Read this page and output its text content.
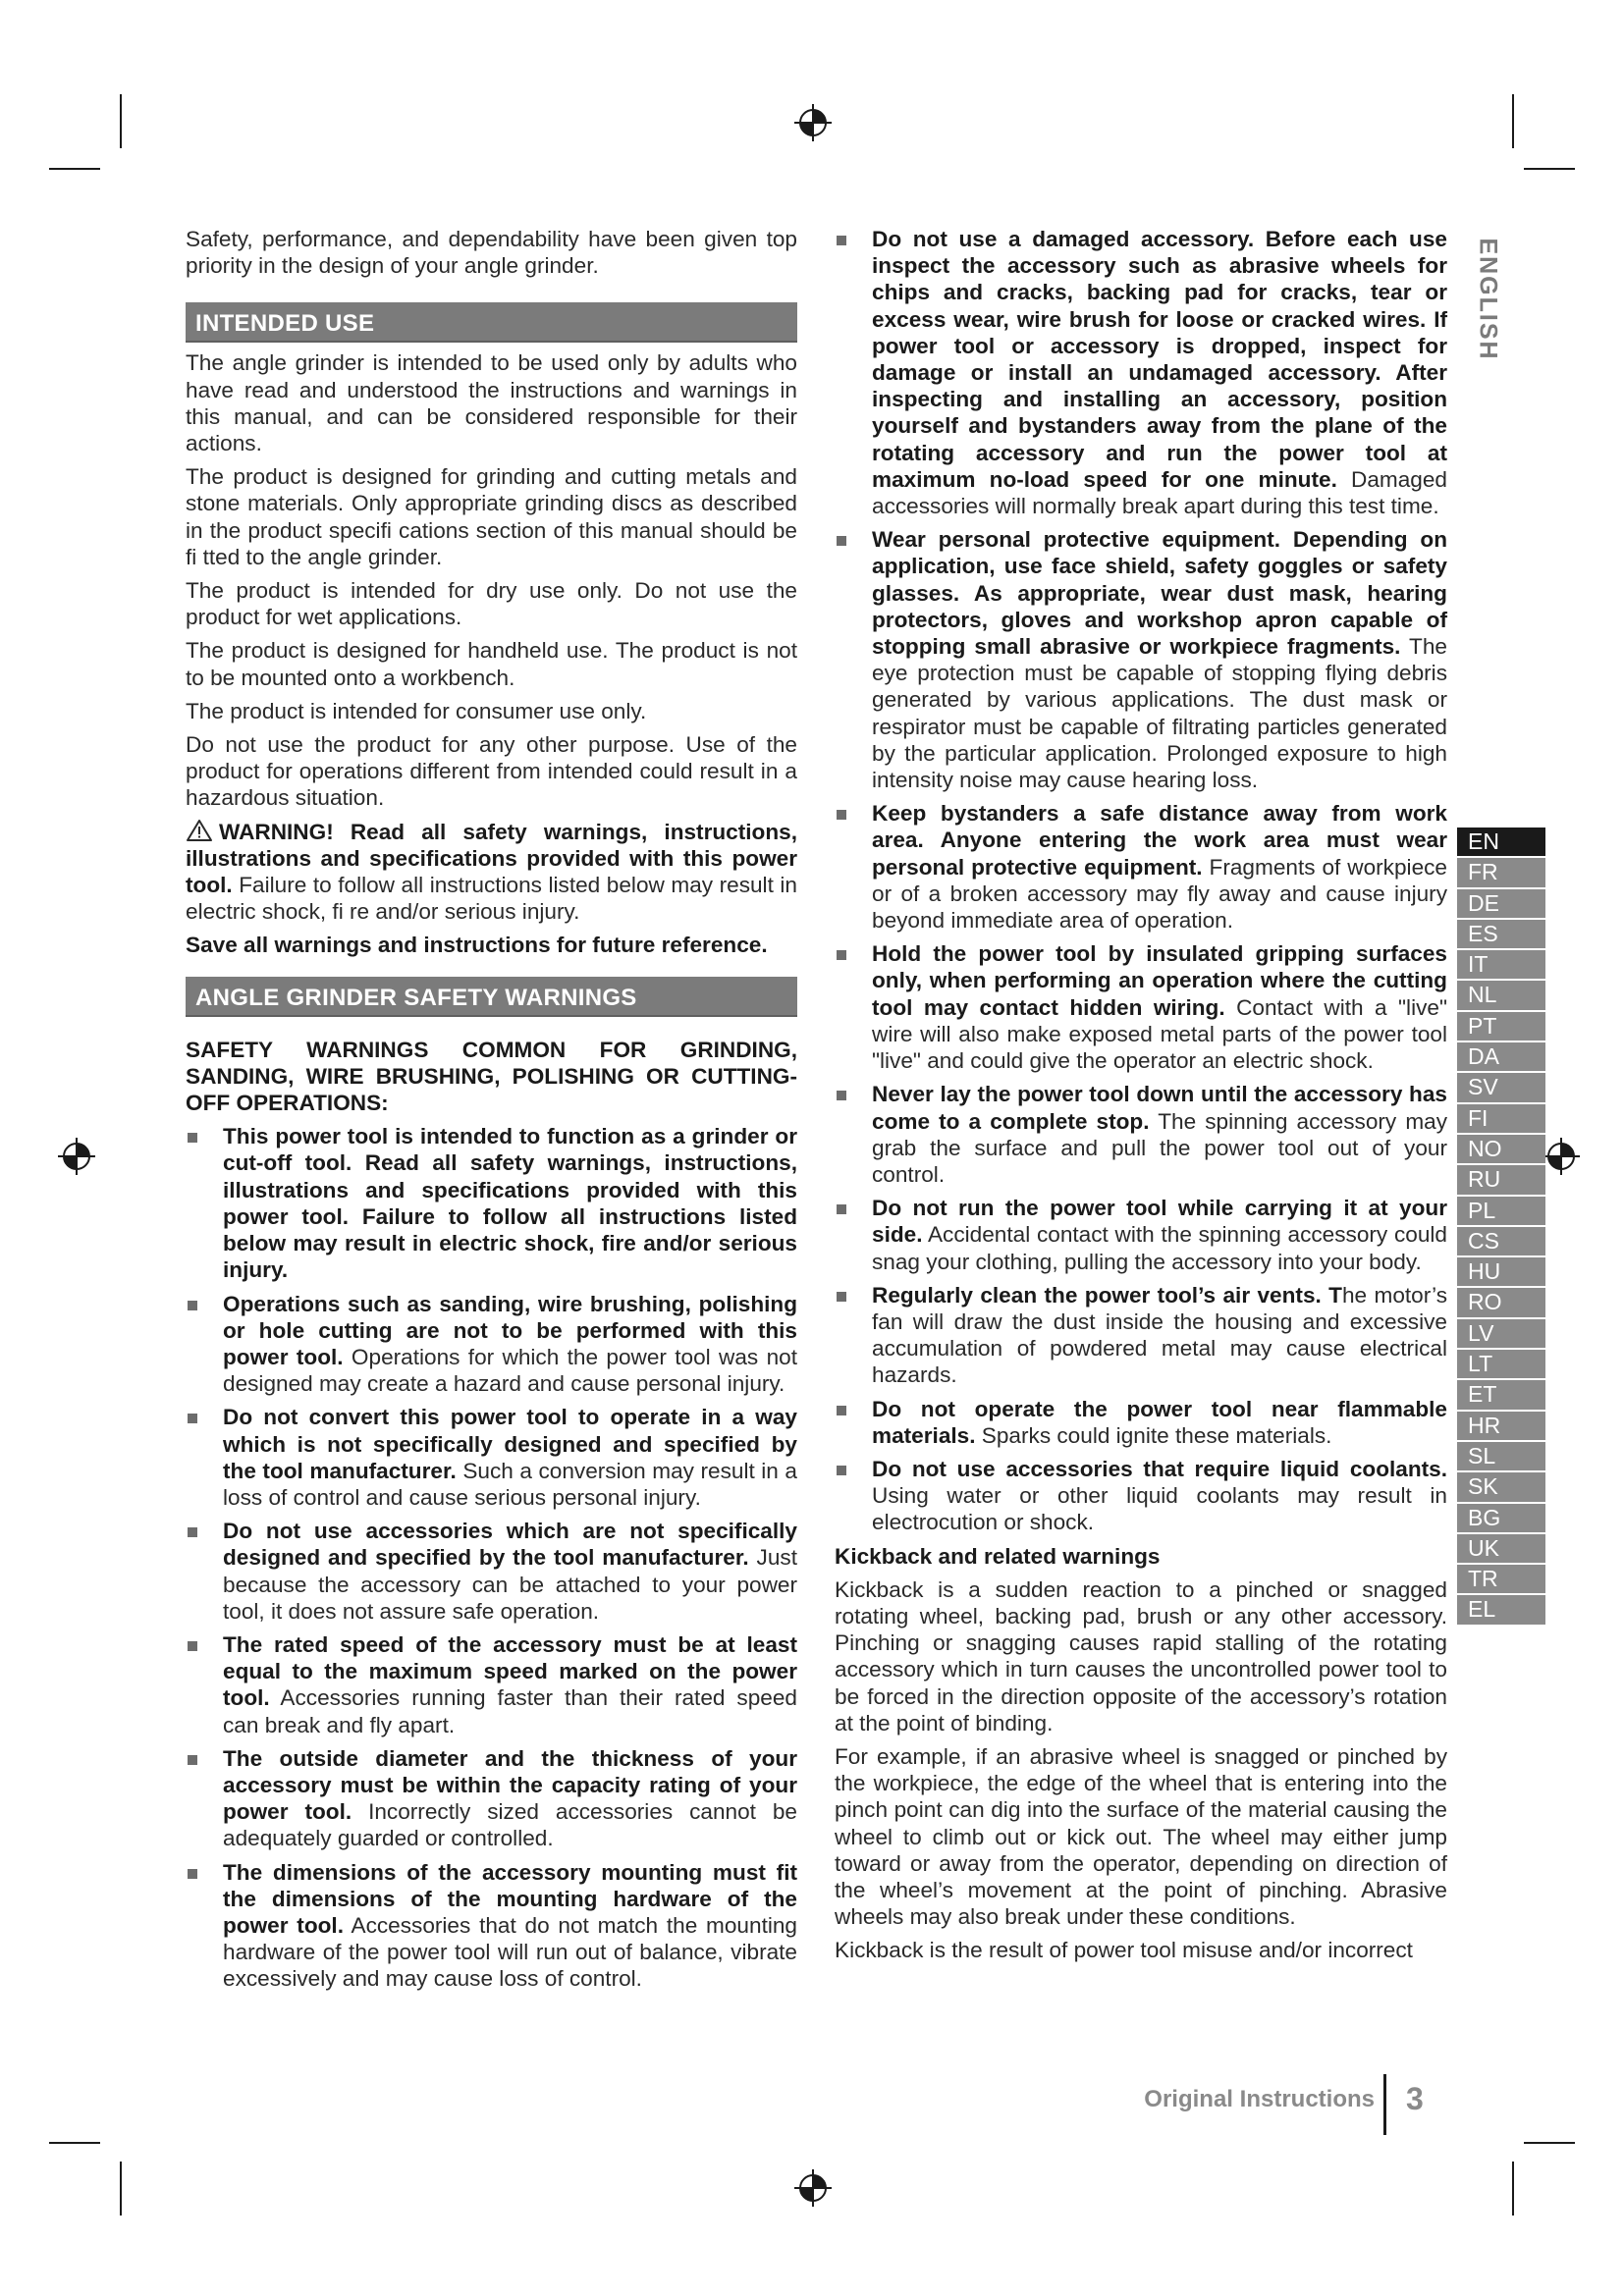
Safety, performance, and dependability have been given top priority in the design of your angle grinder.

INTENDED USE

The angle grinder is intended to be used only by adults who have read and understood the instructions and warnings in this manual, and can be considered responsible for their actions.

The product is designed for grinding and cutting metals and stone materials. Only appropriate grinding discs as described in the product specifi cations section of this manual should be fi tted to the angle grinder.

The product is intended for dry use only. Do not use the product for wet applications.

The product is designed for handheld use. The product is not to be mounted onto a workbench.

The product is intended for consumer use only.

Do not use the product for any other purpose. Use of the product for operations different from intended could result in a hazardous situation.

WARNING! Read all safety warnings, instructions, illustrations and specifications provided with this power tool. Failure to follow all instructions listed below may result in electric shock, fi re and/or serious injury.

Save all warnings and instructions for future reference.

ANGLE GRINDER SAFETY WARNINGS

SAFETY WARNINGS COMMON FOR GRINDING, SANDING, WIRE BRUSHING, POLISHING OR CUTTING-OFF OPERATIONS:

This power tool is intended to function as a grinder or cut-off tool. Read all safety warnings, instructions, illustrations and specifications provided with this power tool. Failure to follow all instructions listed below may result in electric shock, fire and/or serious injury.
Operations such as sanding, wire brushing, polishing or hole cutting are not to be performed with this power tool. Operations for which the power tool was not designed may create a hazard and cause personal injury.
Do not convert this power tool to operate in a way which is not specifically designed and specified by the tool manufacturer. Such a conversion may result in a loss of control and cause serious personal injury.
Do not use accessories which are not specifically designed and specified by the tool manufacturer. Just because the accessory can be attached to your power tool, it does not assure safe operation.
The rated speed of the accessory must be at least equal to the maximum speed marked on the power tool. Accessories running faster than their rated speed can break and fly apart.
The outside diameter and the thickness of your accessory must be within the capacity rating of your power tool. Incorrectly sized accessories cannot be adequately guarded or controlled.
The dimensions of the accessory mounting must fit the dimensions of the mounting hardware of the power tool. Accessories that do not match the mounting hardware of the power tool will run out of balance, vibrate excessively and may cause loss of control.
Do not use a damaged accessory. Before each use inspect the accessory such as abrasive wheels for chips and cracks, backing pad for cracks, tear or excess wear, wire brush for loose or cracked wires. If power tool or accessory is dropped, inspect for damage or install an undamaged accessory. After inspecting and installing an accessory, position yourself and bystanders away from the plane of the rotating accessory and run the power tool at maximum no-load speed for one minute. Damaged accessories will normally break apart during this test time.
Wear personal protective equipment. Depending on application, use face shield, safety goggles or safety glasses. As appropriate, wear dust mask, hearing protectors, gloves and workshop apron capable of stopping small abrasive or workpiece fragments. The eye protection must be capable of stopping flying debris generated by various applications. The dust mask or respirator must be capable of filtrating particles generated by the particular application. Prolonged exposure to high intensity noise may cause hearing loss.
Keep bystanders a safe distance away from work area. Anyone entering the work area must wear personal protective equipment. Fragments of workpiece or of a broken accessory may fly away and cause injury beyond immediate area of operation.
Hold the power tool by insulated gripping surfaces only, when performing an operation where the cutting tool may contact hidden wiring. Contact with a "live" wire will also make exposed metal parts of the power tool "live" and could give the operator an electric shock.
Never lay the power tool down until the accessory has come to a complete stop. The spinning accessory may grab the surface and pull the power tool out of your control.
Do not run the power tool while carrying it at your side. Accidental contact with the spinning accessory could snag your clothing, pulling the accessory into your body.
Regularly clean the power tool’s air vents. The motor’s fan will draw the dust inside the housing and excessive accumulation of powdered metal may cause electrical hazards.
Do not operate the power tool near flammable materials. Sparks could ignite these materials.
Do not use accessories that require liquid coolants. Using water or other liquid coolants may result in electrocution or shock.

Kickback and related warnings

Kickback is a sudden reaction to a pinched or snagged rotating wheel, backing pad, brush or any other accessory. Pinching or snagging causes rapid stalling of the rotating accessory which in turn causes the uncontrolled power tool to be forced in the direction opposite of the accessory’s rotation at the point of binding.

For example, if an abrasive wheel is snagged or pinched by the workpiece, the edge of the wheel that is entering into the pinch point can dig into the surface of the material causing the wheel to climb out or kick out. The wheel may either jump toward or away from the operator, depending on direction of the wheel’s movement at the point of pinching. Abrasive wheels may also break under these conditions.

Kickback is the result of power tool misuse and/or incorrect

ENGLISH
EN
FR
DE
ES
IT
NL
PT
DA
SV
FI
NO
RU
PL
CS
HU
RO
LV
LT
ET
HR
SL
SK
BG
UK
TR
EL
Original Instructions 3
